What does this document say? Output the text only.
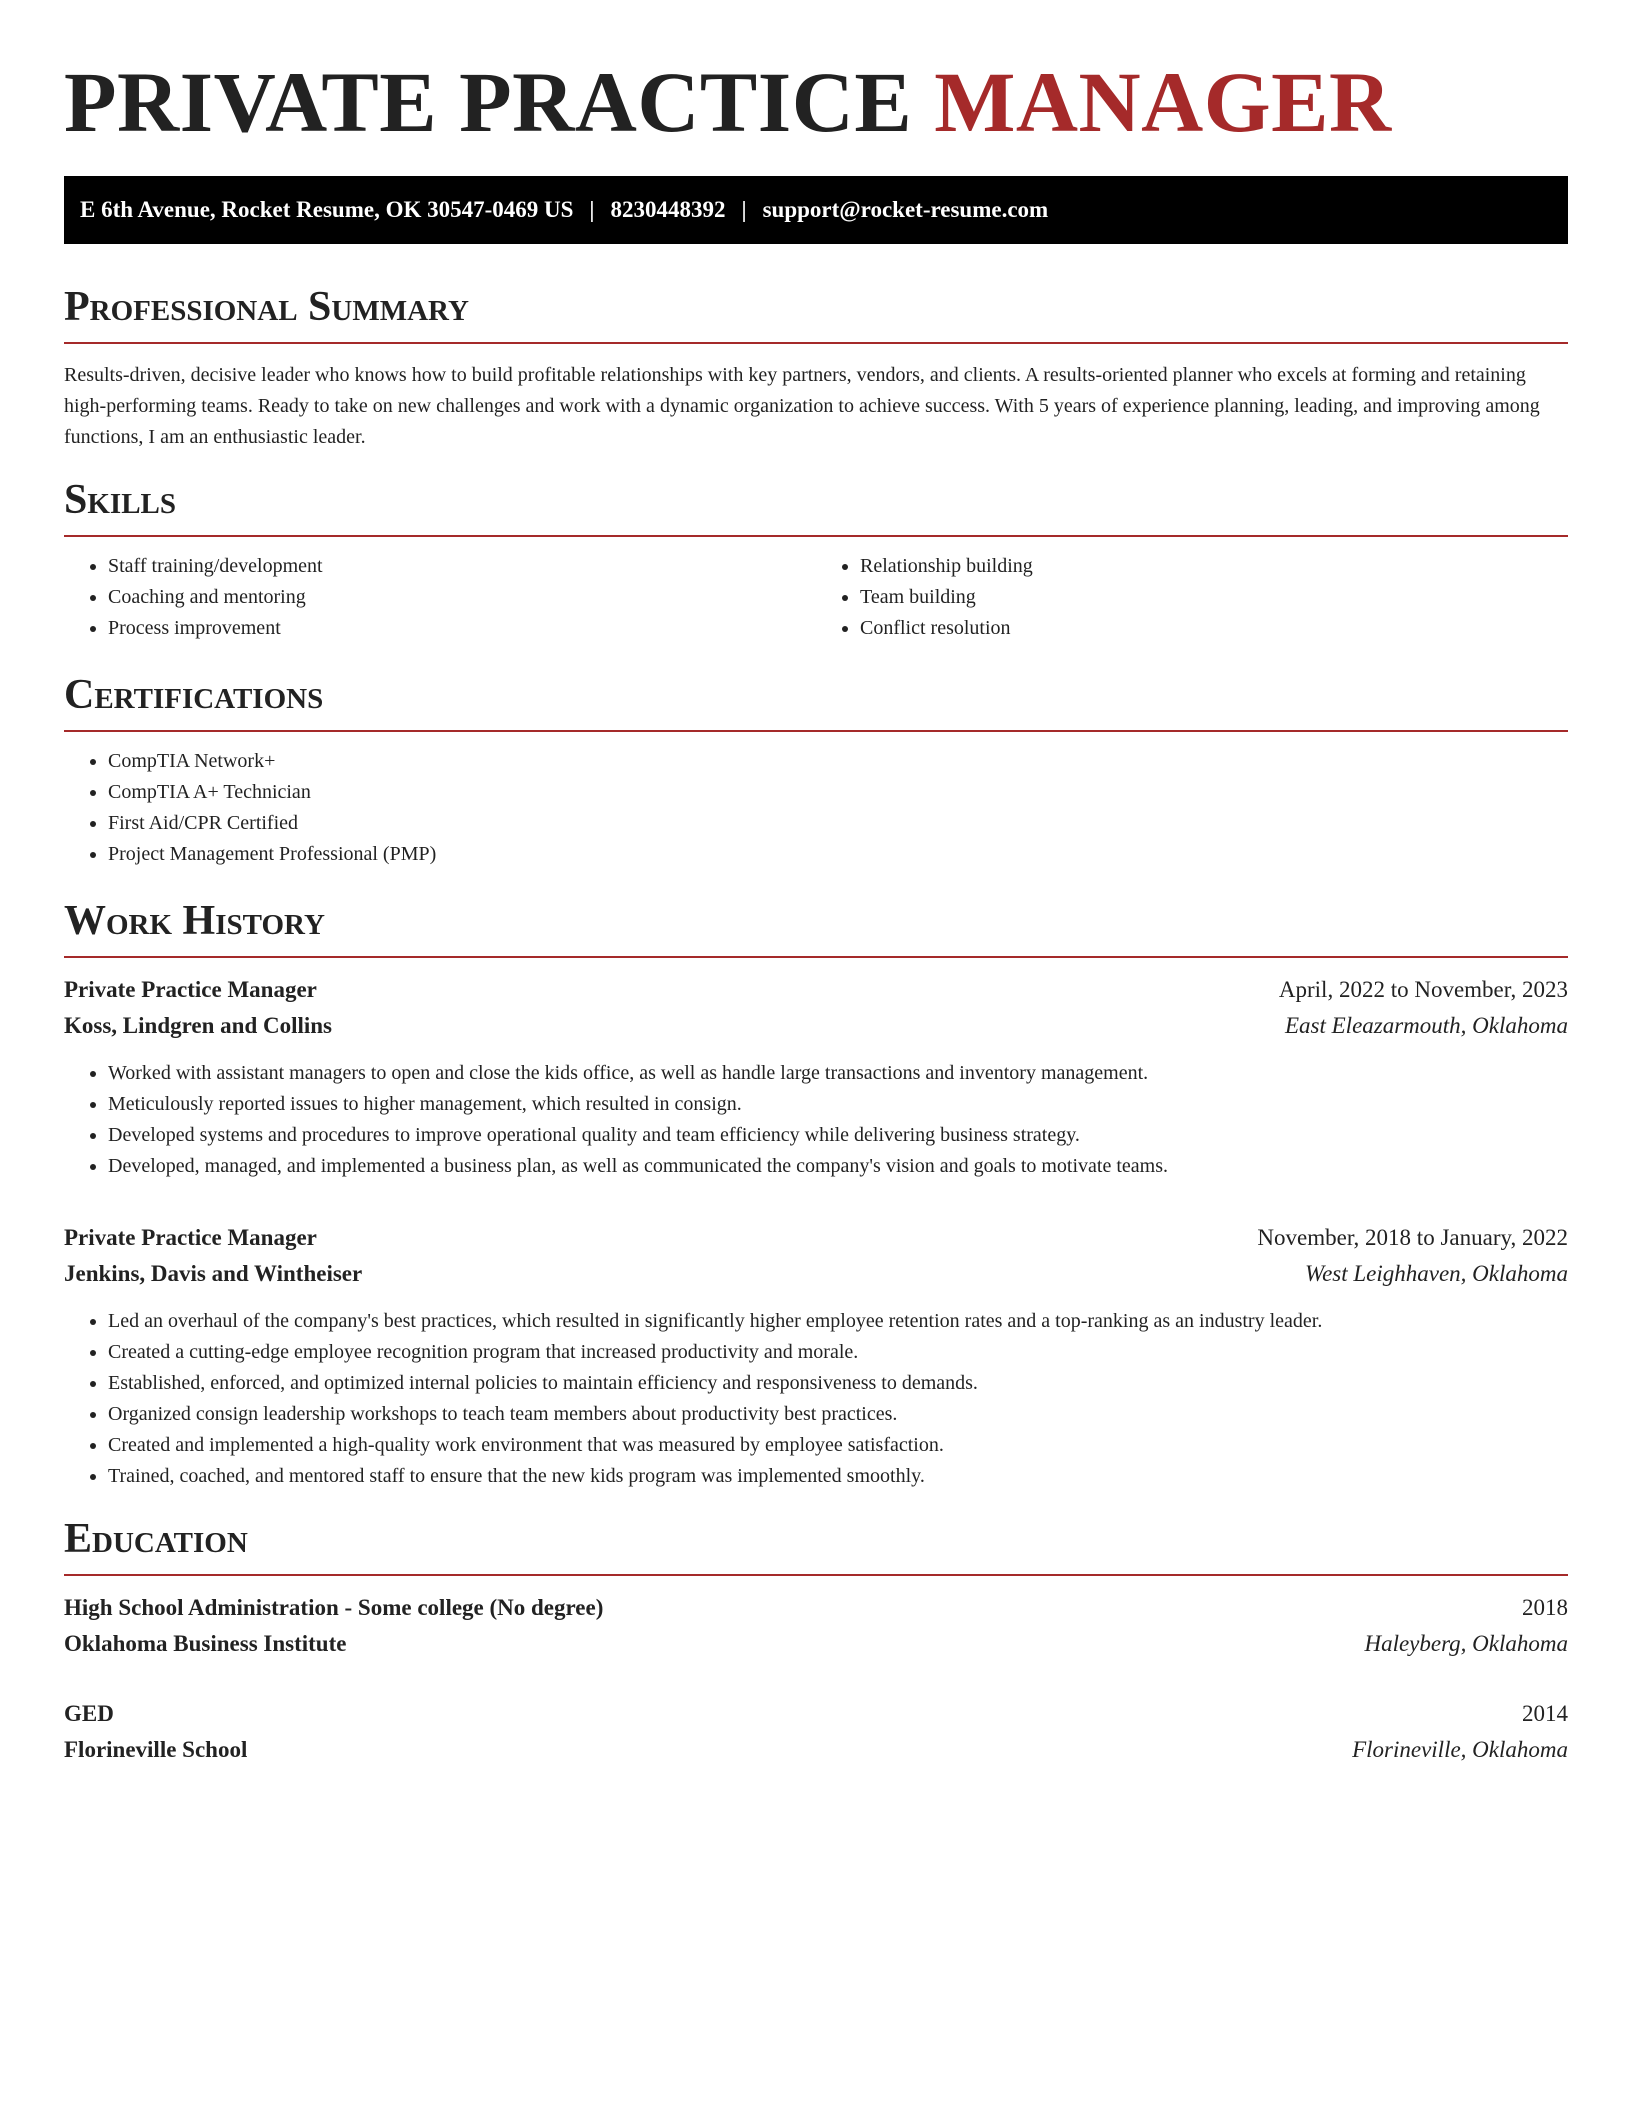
PRIVATE PRACTICE MANAGER
E 6th Avenue, Rocket Resume, OK 30547-0469 US | 8230448392 | support@rocket-resume.com
Professional Summary

Results-driven, decisive leader who knows how to build profitable relationships with key partners, vendors, and clients. A results-oriented planner who excels at forming and retaining high-performing teams. Ready to take on new challenges and work with a dynamic organization to achieve success. With 5 years of experience planning, leading, and improving among functions, I am an enthusiastic leader.

Skills
• Staff training/development
• Coaching and mentoring
• Process improvement
• Relationship building
• Team building
• Conflict resolution
Certifications
• CompTIA Network+
• CompTIA A+ Technician
• First Aid/CPR Certified
• Project Management Professional (PMP)
Work History
Private Practice Manager	April, 2022 to November, 2023
Koss, Lindgren and Collins	East Eleazarmouth, Oklahoma
• Worked with assistant managers to open and close the kids office, as well as handle large transactions and inventory management.
• Meticulously reported issues to higher management, which resulted in consign.
• Developed systems and procedures to improve operational quality and team efficiency while delivering business strategy.
• Developed, managed, and implemented a business plan, as well as communicated the company's vision and goals to motivate teams.
Private Practice Manager	November, 2018 to January, 2022
Jenkins, Davis and Wintheiser	West Leighhaven, Oklahoma
• Led an overhaul of the company's best practices, which resulted in significantly higher employee retention rates and a top-ranking as an industry leader.
• Created a cutting-edge employee recognition program that increased productivity and morale.
• Established, enforced, and optimized internal policies to maintain efficiency and responsiveness to demands.
• Organized consign leadership workshops to teach team members about productivity best practices.
• Created and implemented a high-quality work environment that was measured by employee satisfaction.
• Trained, coached, and mentored staff to ensure that the new kids program was implemented smoothly.
Education
High School Administration - Some college (No degree)	2018
Oklahoma Business Institute	Haleyberg, Oklahoma
GED	2014
Florineville School	Florineville, Oklahoma
